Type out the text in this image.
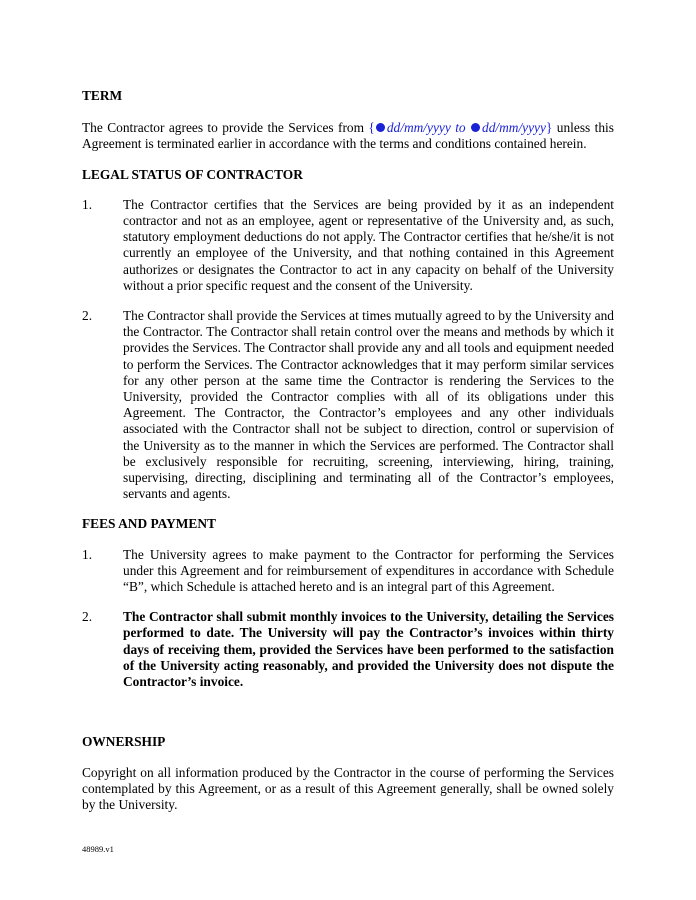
TERM

The Contractor agrees to provide the Services from { dd/mm/yyyy to dd/mm/yyyy} unless this Agreement is terminated earlier in accordance with the terms and conditions contained herein.

LEGAL STATUS OF CONTRACTOR

1.	The Contractor certifies that the Services are being provided by it as an independent contractor and not as an employee, agent or representative of the University and, as such, statutory employment deductions do not apply. The Contractor certifies that he/she/it is not currently an employee of the University, and that nothing contained in this Agreement authorizes or designates the Contractor to act in any capacity on behalf of the University without a prior specific request and the consent of the University.
2.	The Contractor shall provide the Services at times mutually agreed to by the University and the Contractor. The Contractor shall retain control over the means and methods by which it provides the Services. The Contractor shall provide any and all tools and equipment needed to perform the Services. The Contractor acknowledges that it may perform similar services for any other person at the same time the Contractor is rendering the Services to the University, provided the Contractor complies with all of its obligations under this Agreement. The Contractor, the Contractor’s employees and any other individuals associated with the Contractor shall not be subject to direction, control or supervision of the University as to the manner in which the Services are performed. The Contractor shall be exclusively responsible for recruiting, screening, interviewing, hiring, training, supervising, directing, disciplining and terminating all of the Contractor’s employees, servants and agents.

FEES AND PAYMENT

1.	The University agrees to make payment to the Contractor for performing the Services under this Agreement and for reimbursement of expenditures in accordance with Schedule “B”, which Schedule is attached hereto and is an integral part of this Agreement.
2.	The Contractor shall submit monthly invoices to the University, detailing the Services performed to date. The University will pay the Contractor’s invoices within thirty days of receiving them, provided the Services have been performed to the satisfaction of the University acting reasonably, and provided the University does not dispute the Contractor’s invoice.

OWNERSHIP

Copyright on all information produced by the Contractor in the course of performing the Services contemplated by this Agreement, or as a result of this Agreement generally, shall be owned solely by the University.

48989.v1
